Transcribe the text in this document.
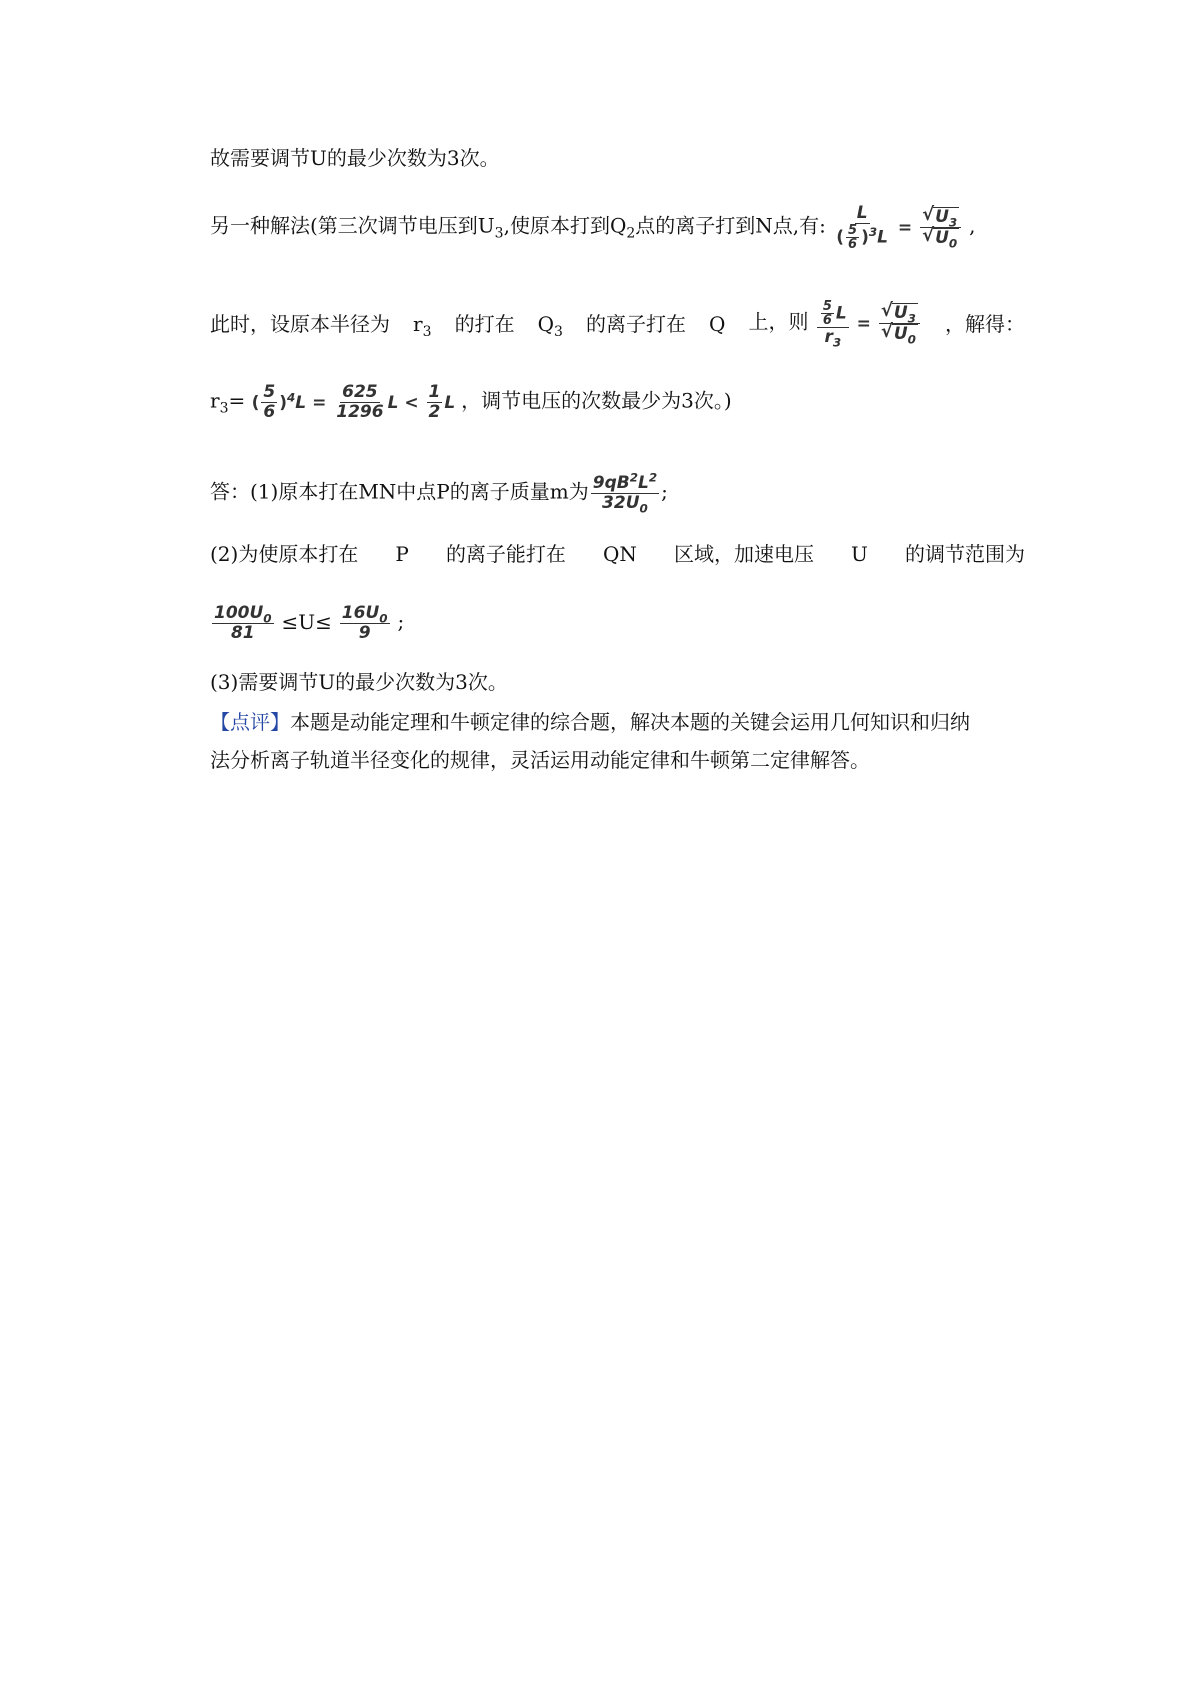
故需要调节U的最少次数为3次。
另一种解法(第三次调节电压到$U_3$,使原本打到$Q_2$点的离子打到N点,有: $\frac{L}{( \frac{5}{6} )^3L}$ = √ $U_3$
√ $U_0$ ,
此时，设原本半径为 $r_3$ 的打在 $Q_3$ 的离子打在 Q 上，则 $\frac{\frac{5}{6} L}{r_3}$ = √ $U_3$
√ $U_0$ ，解得：
$r_3=$ ( $\frac{5}{6} )^4L = \frac{625}{1296}$ $L < \frac{1}{2}$ L ，调节电压的次数最少为3次。)
答：(1)原本打在MN中点P的离子质量m为 $\frac{9qB^2L^2}{32U_0}$ ;
(2)为使原本打在 P 的离子能打在 QN 区域，加速电压 U 的调节范围为
$\frac{100U_0}{81} \le U\le \frac{16U_0}{9}$ ;
(3)需要调节U的最少次数为3次。
【点评】本题是动能定理和牛顿定律的综合题，解决本题的关键会运用几何知识和归纳
法分析离子轨道半径变化的规律，灵活运用动能定律和牛顿第二定律解答。
